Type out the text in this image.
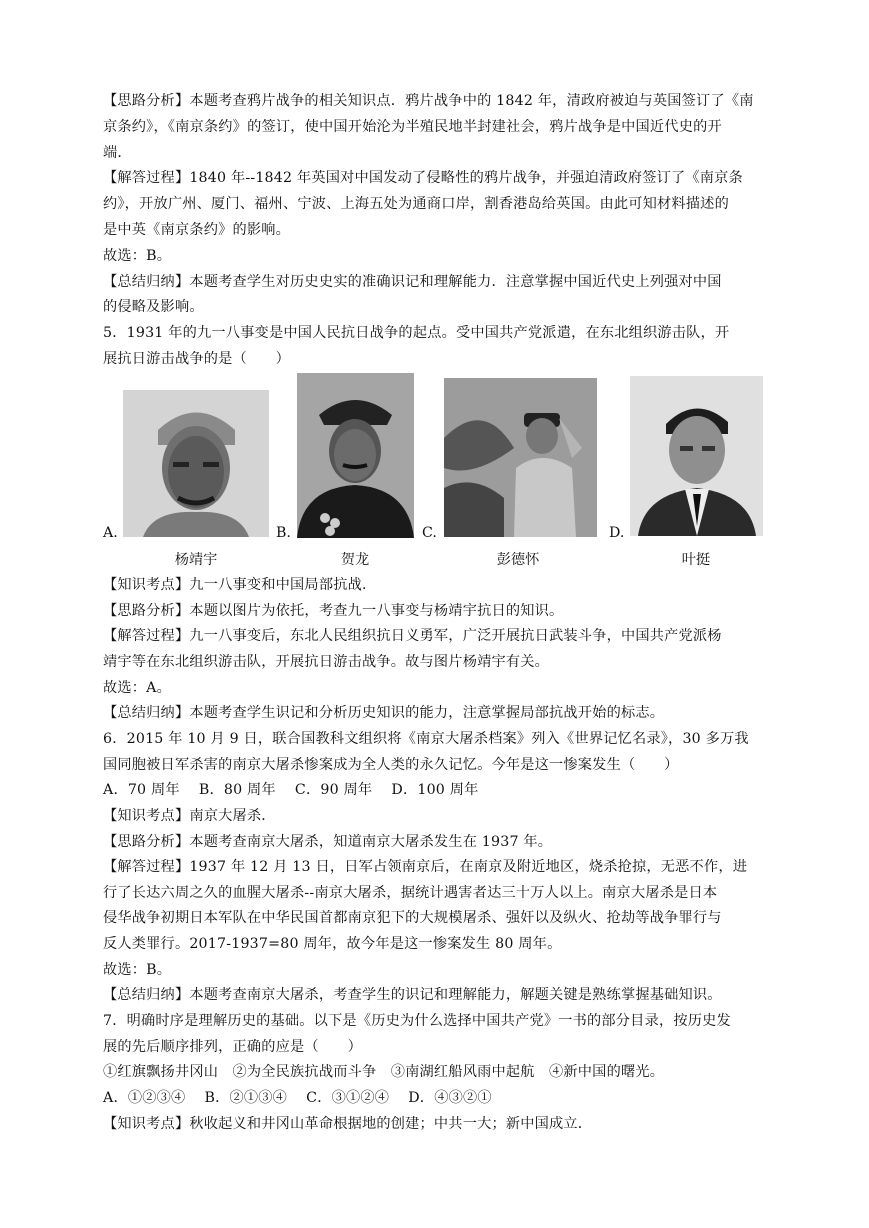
【思路分析】本题考查鸦片战争的相关知识点．鸦片战争中的 1842 年，清政府被迫与英国签订了《南
京条约》，《南京条约》的签订，使中国开始沦为半殖民地半封建社会，鸦片战争是中国近代史的开
端．
【解答过程】1840 年--1842 年英国对中国发动了侵略性的鸦片战争，并强迫清政府签订了《南京条
约》，开放广州、厦门、福州、宁波、上海五处为通商口岸，割香港岛给英国。由此可知材料描述的
是中英《南京条约》的影响。
故选：B。
【总结归纳】本题考查学生对历史史实的准确识记和理解能力．注意掌握中国近代史上列强对中国
的侵略及影响。
5．1931 年的九一八事变是中国人民抗日战争的起点。受中国共产党派遣，在东北组织游击队，开
展抗日游击战争的是（　　）
A.	B.	C.	D.
杨靖宇	贺龙	彭德怀	叶挺
【知识考点】九一八事变和中国局部抗战．
【思路分析】本题以图片为依托，考查九一八事变与杨靖宇抗日的知识。
【解答过程】九一八事变后，东北人民组织抗日义勇军，广泛开展抗日武装斗争，中国共产党派杨
靖宇等在东北组织游击队，开展抗日游击战争。故与图片杨靖宇有关。
故选：A。
【总结归纳】本题考查学生识记和分析历史知识的能力，注意掌握局部抗战开始的标志。
6．2015 年 10 月 9 日，联合国教科文组织将《南京大屠杀档案》列入《世界记忆名录》，30 多万我
国同胞被日军杀害的南京大屠杀惨案成为全人类的永久记忆。今年是这一惨案发生（　　）
A．70 周年　 B．80 周年　 C．90 周年　 D．100 周年
【知识考点】南京大屠杀．
【思路分析】本题考查南京大屠杀，知道南京大屠杀发生在 1937 年。
【解答过程】1937 年 12 月 13 日，日军占领南京后，在南京及附近地区，烧杀抢掠，无恶不作，进
行了长达六周之久的血腥大屠杀--南京大屠杀，据统计遇害者达三十万人以上。南京大屠杀是日本
侵华战争初期日本军队在中华民国首都南京犯下的大规模屠杀、强奸以及纵火、抢劫等战争罪行与
反人类罪行。2017-1937=80 周年，故今年是这一惨案发生 80 周年。
故选：B。
【总结归纳】本题考查南京大屠杀，考查学生的识记和理解能力，解题关键是熟练掌握基础知识。
7．明确时序是理解历史的基础。以下是《历史为什么选择中国共产党》一书的部分目录，按历史发
展的先后顺序排列，正确的应是（　　）
①红旗飘扬井冈山　②为全民族抗战而斗争　③南湖红船风雨中起航　④新中国的曙光。
A．①②③④　 B．②①③④　 C．③①②④　 D．④③②①
【知识考点】秋收起义和井冈山革命根据地的创建；中共一大；新中国成立．
